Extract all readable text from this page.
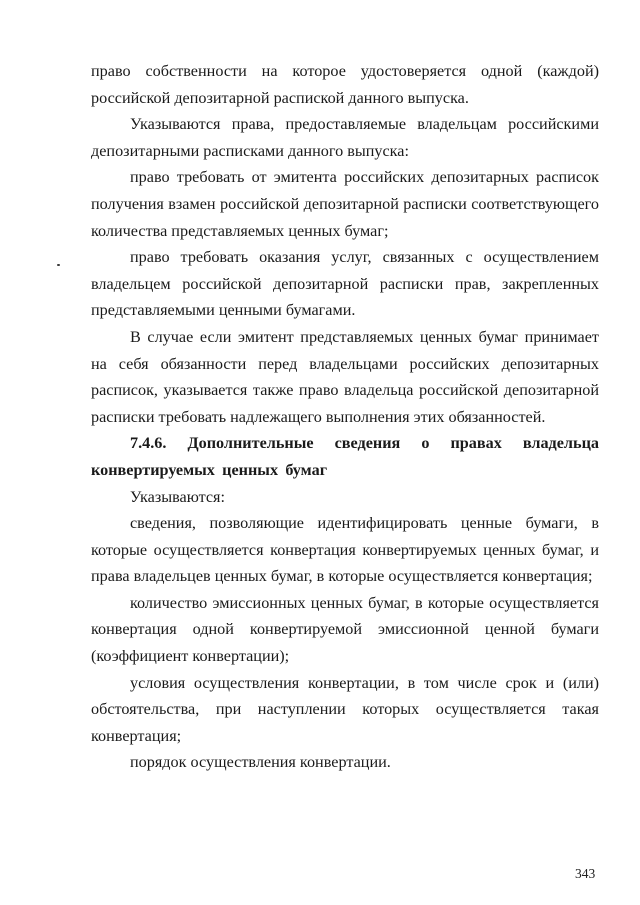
право собственности на которое удостоверяется одной (каждой) российской депозитарной распиской данного выпуска.

Указываются права, предоставляемые владельцам российскими депозитарными расписками данного выпуска:

право требовать от эмитента российских депозитарных расписок получения взамен российской депозитарной расписки соответствующего количества представляемых ценных бумаг;

право требовать оказания услуг, связанных с осуществлением владельцем российской депозитарной расписки прав, закрепленных представляемыми ценными бумагами.

В случае если эмитент представляемых ценных бумаг принимает на себя обязанности перед владельцами российских депозитарных расписок, указывается также право владельца российской депозитарной расписки требовать надлежащего выполнения этих обязанностей.

7.4.6. Дополнительные сведения о правах владельца конвертируемых ценных бумаг

Указываются:

сведения, позволяющие идентифицировать ценные бумаги, в которые осуществляется конвертация конвертируемых ценных бумаг, и права владельцев ценных бумаг, в которые осуществляется конвертация;

количество эмиссионных ценных бумаг, в которые осуществляется конвертация одной конвертируемой эмиссионной ценной бумаги (коэффициент конвертации);

условия осуществления конвертации, в том числе срок и (или) обстоятельства, при наступлении которых осуществляется такая конвертация;

порядок осуществления конвертации.

343
